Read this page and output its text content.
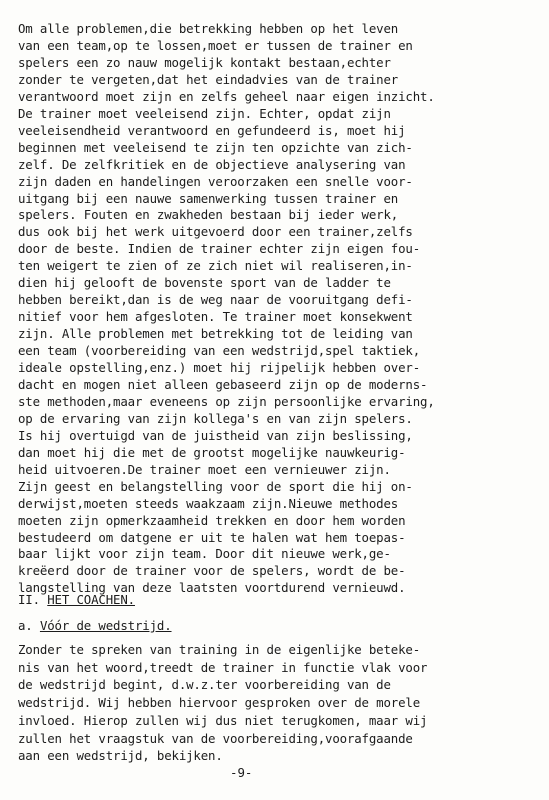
Om alle problemen,die betrekking hebben op het leven
van een team,op te lossen,moet er tussen de trainer en
spelers een zo nauw mogelijk kontakt bestaan,echter
zonder te vergeten,dat het eindadvies van de trainer
verantwoord moet zijn en zelfs geheel naar eigen inzicht.
De trainer moet veeleisend zijn. Echter, opdat zijn
veeleisendheid verantwoord en gefundeerd is, moet hij
beginnen met veeleisend te zijn ten opzichte van zich-
zelf. De zelfkritiek en de objectieve analysering van
zijn daden en handelingen veroorzaken een snelle voor-
uitgang bij een nauwe samenwerking tussen trainer en
spelers. Fouten en zwakheden bestaan bij ieder werk,
dus ook bij het werk uitgevoerd door een trainer,zelfs
door de beste. Indien de trainer echter zijn eigen fou-
ten weigert te zien of ze zich niet wil realiseren,in-
dien hij gelooft de bovenste sport van de ladder te
hebben bereikt,dan is de weg naar de vooruitgang defi-
nitief voor hem afgesloten. Te trainer moet konsekwent
zijn. Alle problemen met betrekking tot de leiding van
een team (voorbereiding van een wedstrijd,spel taktiek,
ideale opstelling,enz.) moet hij rijpelijk hebben over-
dacht en mogen niet alleen gebaseerd zijn op de moderns-
ste methoden,maar eveneens op zijn persoonlijke ervaring,
op de ervaring van zijn kollega's en van zijn spelers.
Is hij overtuigd van de juistheid van zijn beslissing,
dan moet hij die met de grootst mogelijke nauwkeurig-
heid uitvoeren.De trainer moet een vernieuwer zijn.
Zijn geest en belangstelling voor de sport die hij on-
derwijst,moeten steeds waakzaam zijn.Nieuwe methodes
moeten zijn opmerkzaamheid trekken en door hem worden
bestudeerd om datgene er uit te halen wat hem toepas-
baar lijkt voor zijn team. Door dit nieuwe werk,ge-
kreëerd door de trainer voor de spelers, wordt de be-
langstelling van deze laatsten voortdurend vernieuwd.
II. HET COACHEN.
a. Vóór de wedstrijd.
Zonder te spreken van training in de eigenlijke beteke-
nis van het woord,treedt de trainer in functie vlak voor
de wedstrijd begint, d.w.z.ter voorbereiding van de
wedstrijd. Wij hebben hiervoor gesproken over de morele
invloed. Hierop zullen wij dus niet terugkomen, maar wij
zullen het vraagstuk van de voorbereiding,voorafgaande
aan een wedstrijd, bekijken.
-9-
